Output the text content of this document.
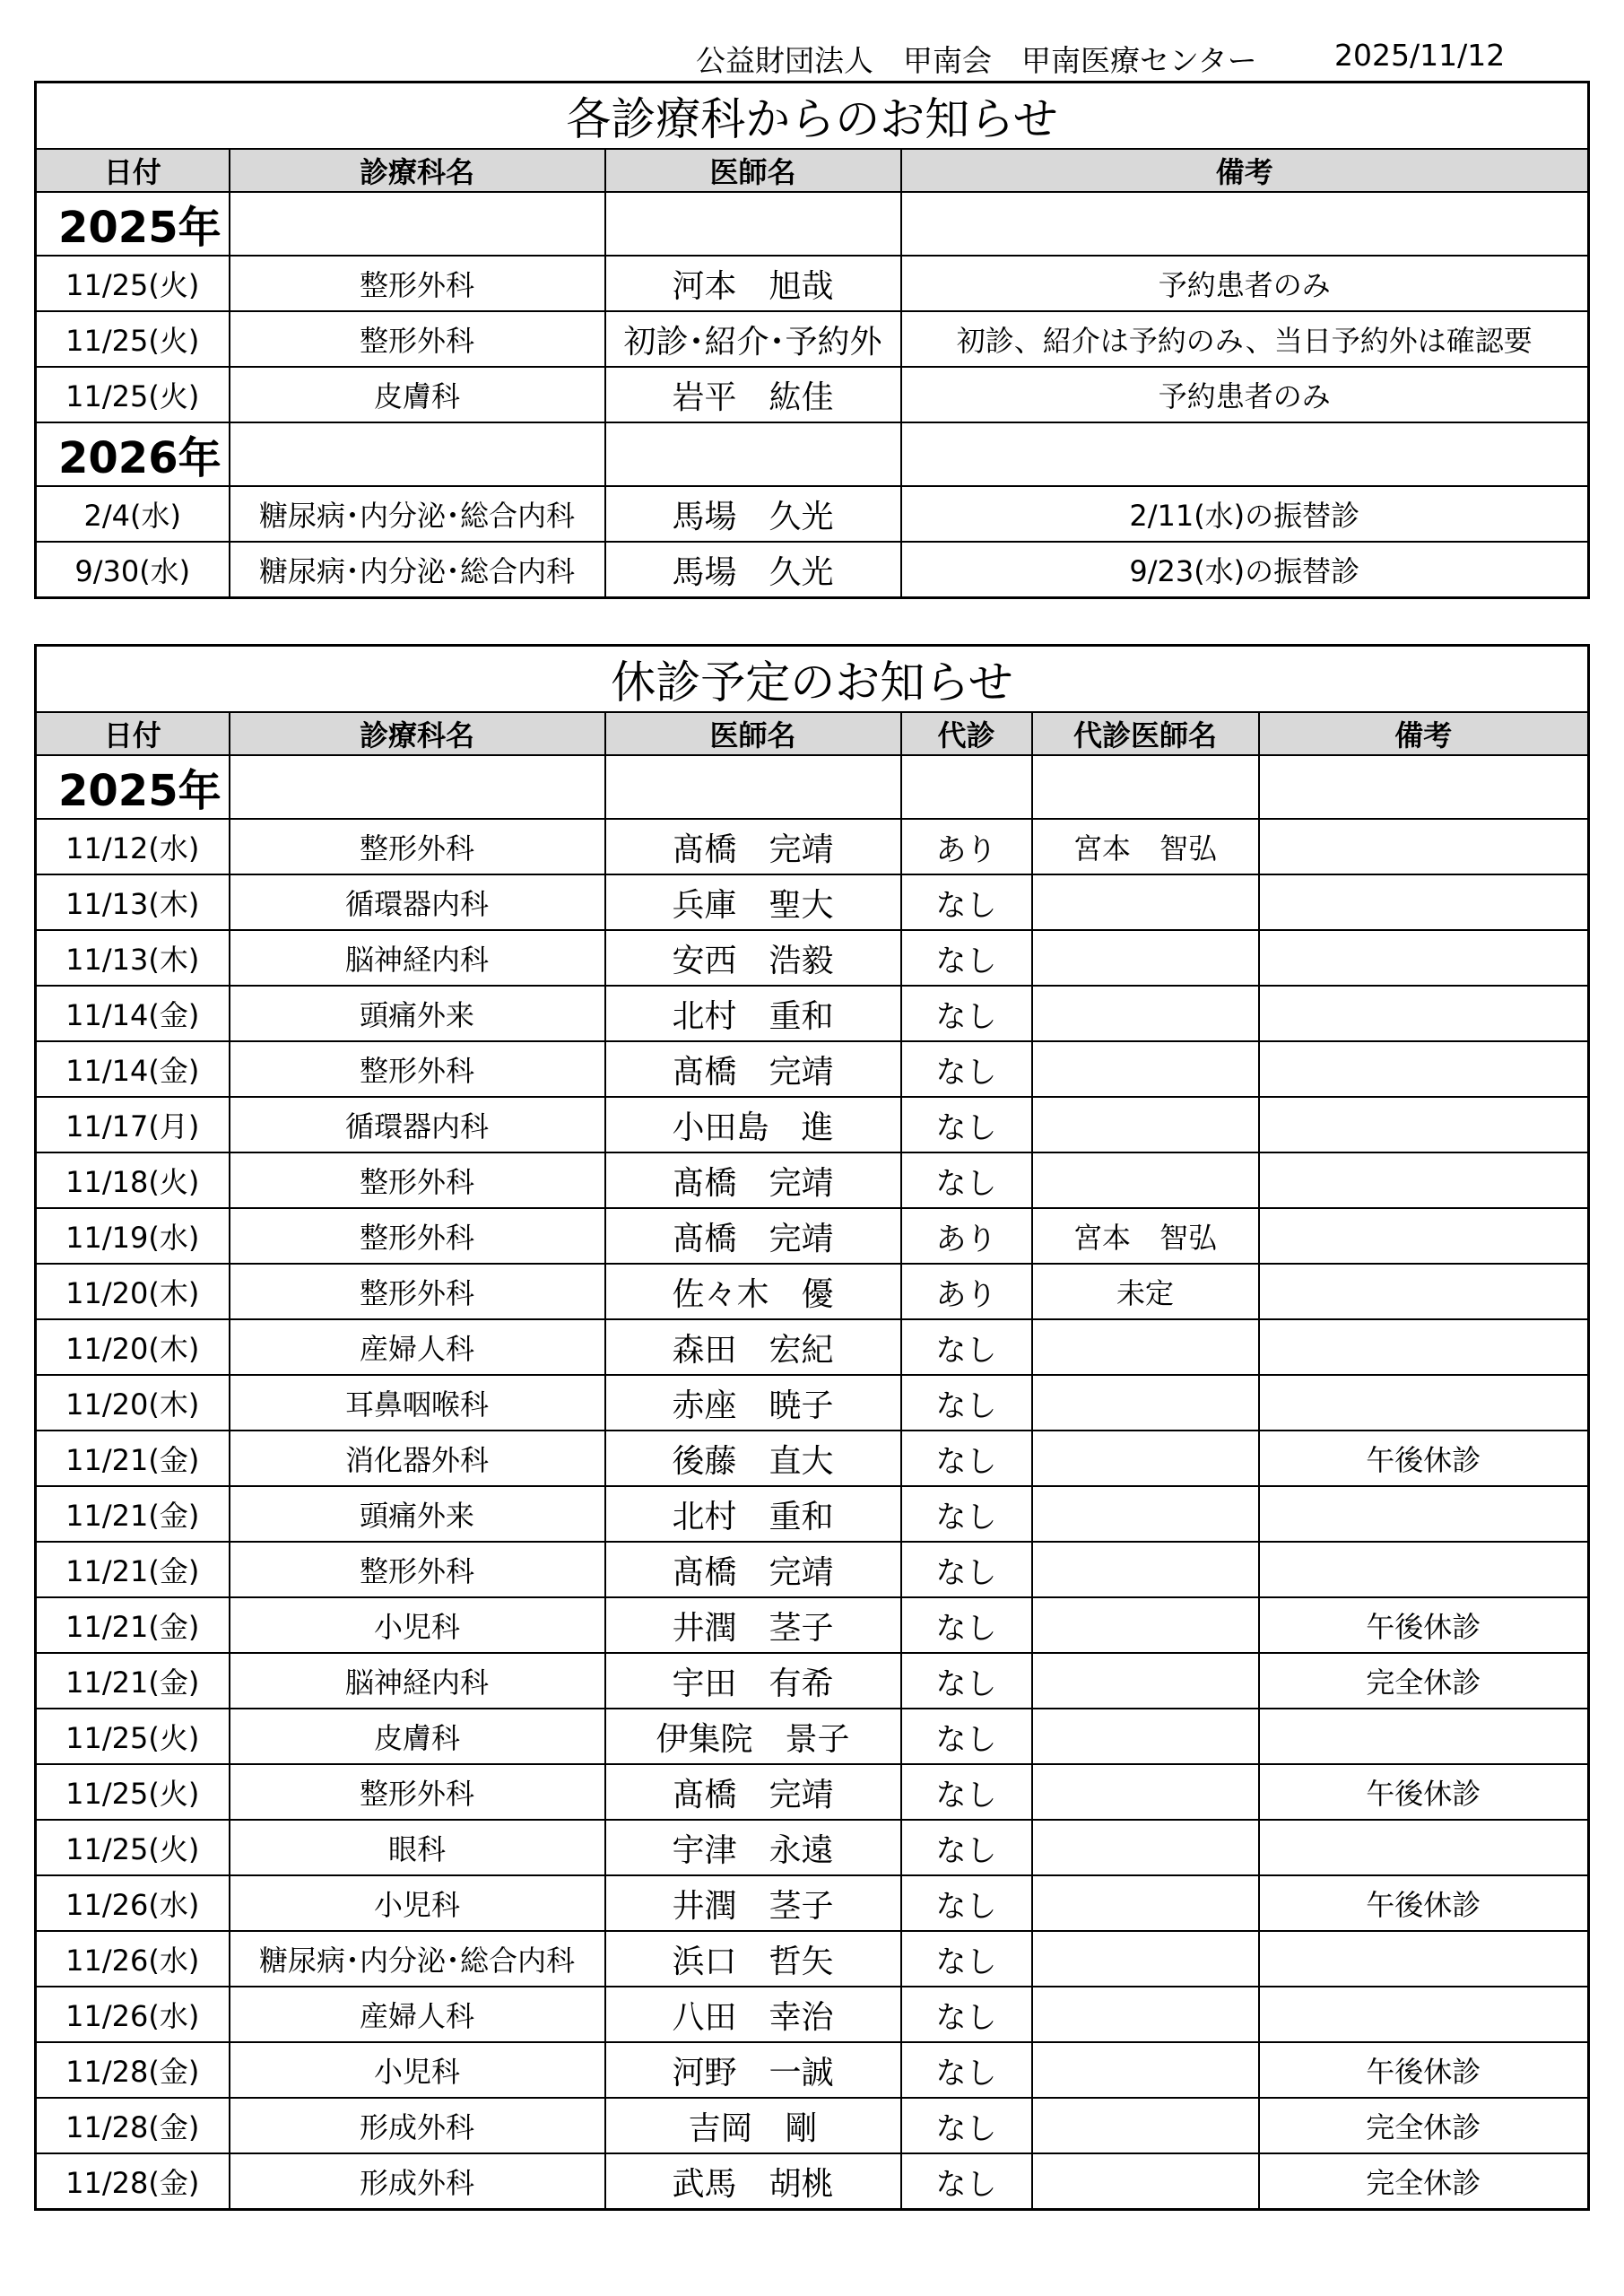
公益財団法人　甲南会　甲南医療センター	2025/11/12
各診療科からのお知らせ			
日付	診療科名	医師名	備考
2025年			
11/25(火)	整形外科	河本　旭哉	予約患者のみ
11/25(火)	整形外科	初診･紹介･予約外	初診、紹介は予約のみ、当日予約外は確認要
11/25(火)	皮膚科	岩平　紘佳	予約患者のみ
2026年			
2/4(水)	糖尿病･内分泌･総合内科	馬場　久光	2/11(水)の振替診
9/30(水)	糖尿病･内分泌･総合内科	馬場　久光	9/23(水)の振替診
休診予定のお知らせ					
日付	診療科名	医師名	代診	代診医師名	備考
2025年					
11/12(水)	整形外科	髙橋　完靖	あり	宮本　智弘	
11/13(木)	循環器内科	兵庫　聖大	なし		
11/13(木)	脳神経内科	安西　浩毅	なし		
11/14(金)	頭痛外来	北村　重和	なし		
11/14(金)	整形外科	髙橋　完靖	なし		
11/17(月)	循環器内科	小田島　進	なし		
11/18(火)	整形外科	髙橋　完靖	なし		
11/19(水)	整形外科	髙橋　完靖	あり	宮本　智弘	
11/20(木)	整形外科	佐々木　優	あり	未定	
11/20(木)	産婦人科	森田　宏紀	なし		
11/20(木)	耳鼻咽喉科	赤座　暁子	なし		
11/21(金)	消化器外科	後藤　直大	なし		午後休診
11/21(金)	頭痛外来	北村　重和	なし		
11/21(金)	整形外科	髙橋　完靖	なし		
11/21(金)	小児科	井潤　茎子	なし		午後休診
11/21(金)	脳神経内科	宇田　有希	なし		完全休診
11/25(火)	皮膚科	伊集院　景子	なし		
11/25(火)	整形外科	髙橋　完靖	なし		午後休診
11/25(火)	眼科	宇津　永遠	なし		
11/26(水)	小児科	井潤　茎子	なし		午後休診
11/26(水)	糖尿病･内分泌･総合内科	浜口　哲矢	なし		
11/26(水)	産婦人科	八田　幸治	なし		
11/28(金)	小児科	河野　一誠	なし		午後休診
11/28(金)	形成外科	吉岡　剛	なし		完全休診
11/28(金)	形成外科	武馬　胡桃	なし		完全休診
